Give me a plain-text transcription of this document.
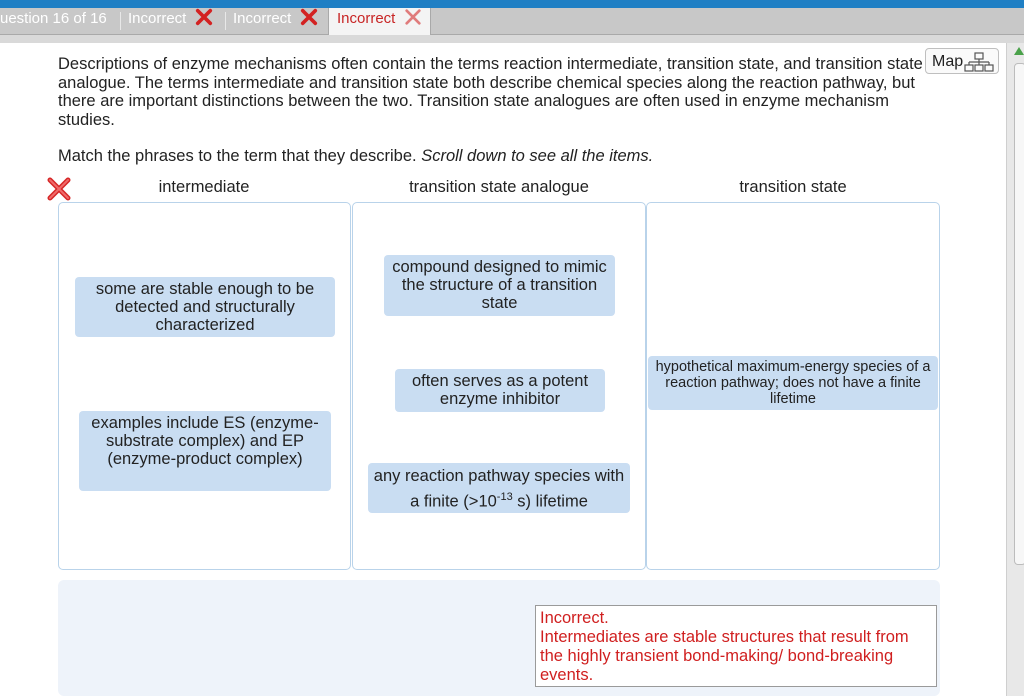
uestion 16 of 16 Incorrect	Incorrect	Incorrect
Map
Descriptions of enzyme mechanisms often contain the terms reaction intermediate, transition state, and transition state analogue. The terms intermediate and transition state both describe chemical species along the reaction pathway, but there are important distinctions between the two. Transition state analogues are often used in enzyme mechanism studies.
Match the phrases to the term that they describe. Scroll down to see all the items.
intermediate	transition state analogue	transition state
some are stable enough to be detected and structurally characterized
examples include ES (enzyme-substrate complex) and EP (enzyme-product complex)
compound designed to mimic the structure of a transition state
often serves as a potent enzyme inhibitor
any reaction pathway species with a finite ($>10^{-13}$ s) lifetime
hypothetical maximum-energy species of a reaction pathway; does not have a finite lifetime
Incorrect.
Intermediates are stable structures that result from the highly transient bond-making/ bond-breaking events.
